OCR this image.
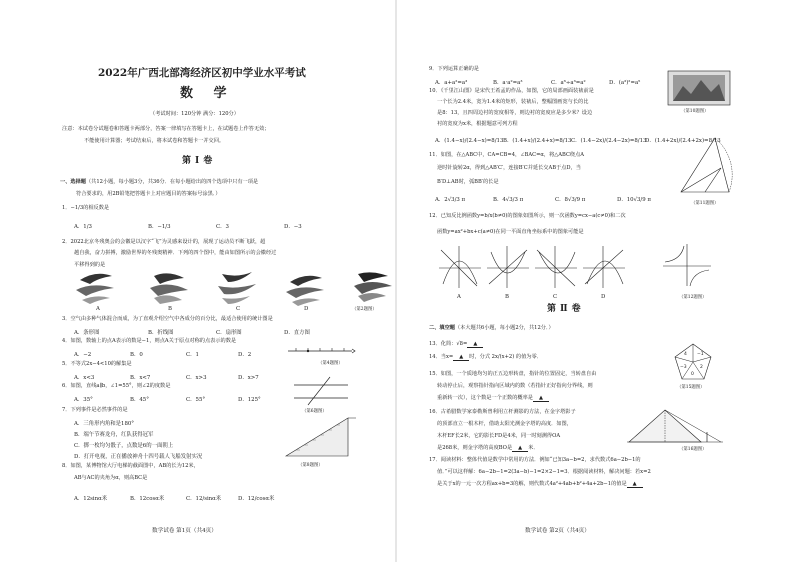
2022年广西北部湾经济区初中学业水平考试
数 学
（考试时间：120分钟 满分：120分）
注意：本试卷分试题卷和答题卡两部分，答案一律填写在答题卡上，在试题卷上作答无效；
不能使用计算器；考试结束后，将本试卷和答题卡一并交回。
第Ⅰ卷
一、选择题（共12小题，每小题3分，共36分．在每小题给出的四个选项中只有一项是
符合要求的，用2B铅笔把答题卡上对应题目的答案标号涂黑．）
1．−1/3的相反数是
A．1/3	B．−1/3	C．3	D．−3
2．2022北京冬残奥会的会徽是以汉字“飞”为灵感来设计的，展现了运动员不断飞跃，超
越自我，奋力拼搏，激励世界的冬残奥精神．下列的四个图中，能由如图所示的会徽经过
平移得到的是
A	B	C	D	（第2题图）
3．空气由多种气体混合而成，为了直观介绍空气中各成分的百分比，最适合使用的统计图是
A．条形图	B．折线图	C．扇形图	D．直方图
4．如图，数轴上的点A表示的数是−1，则点A关于原点对称的点表示的数是
A．−2	B．0	C．1	D．2
（第4题图）
5．不等式2x−4<10的解集是
A．x<3	B．x<7	C．x>3	D．x>7
6．如图，直线a∥b，∠1=55°，则∠2的度数是
A．35°	B．45°	C．55°	D．125°
（第6题图）
7．下列事件是必然事件的是
A．三角形内角和是180°
B．端午节赛龙舟，红队获得冠军
C．掷一枚均匀骰子，点数是6的一面朝上
D．打开电视，正在播放神舟十四号载人飞船发射实况
8．如图，某博物馆大厅电梯的截面图中，AB的长为12米，
AB与AC的夹角为α，则高BC是
A．12sinα米	B．12cosα米	C．12/sinα米	D．12/cosα米
（第8题图）
数学试卷 第1页（共4页）
9．下列运算正确的是
A．a+a²=a³	B．a·a²=a³	C．a⁶÷a³=a²	D．(a³)²=a⁵
10．《千里江山图》是宋代王希孟的作品，如图，它的局部画面装裱前是
一个长为2.4米，宽为1.4米的矩形，装裱后，整幅图画宽与长的比
是8：13，且四周边衬的宽度相等，则边衬的宽度应是多少米？设边
衬的宽度为x米，根据题意可列方程
A．(1.4−x)/(2.4−x)=8/13 B．(1.4+x)/(2.4+x)=8/13 C．(1.4−2x)/(2.4−2x)=8/13
D．(1.4+2x)/(2.4+2x)=8/13
（第10题图）
11．如图，在△ABC中，CA=CB=4，∠BAC=α，将△ABC绕点A
逆时针旋转2α，得到△AB′C′，连接B′C并延长交AB于点D，当
B′D⊥AB时，弧BB′的长是
A．2√3/3 π	B．4√3/3 π	C．8√3/9 π	D．10√3/9 π
（第11题图）
12．已知反比例函数y=b/x(b≠0)的图象如图所示，则一次函数y=cx−a(c≠0)和二次
函数y=ax²+bx+c(a≠0)在同一平面直角坐标系中的图象可能是
A	B	C	D	（第12题图）
第Ⅱ卷
二、填空题（本大题共6小题，每小题2分，共12分．）
13．化简：√8= ▲
14．当x= ▲ 时，分式 2x/(x+2) 的值为零．
15．如图，一个质地均匀的正五边形转盘，指针的位置固定，当转盘自由
转动停止后，观察指针指向区域内的数（若指针正好指向分界线，则
重新转一次），这个数是一个正数的概率是 ▲
−1
2
0
−3
4
（第15题图）
16．古希腊数学家泰勒斯曾利用立杆测影的方法，在金字塔影子
的顶部直立一根木杆，借助太阳光测金字塔的高度．如图，
木杆EF长2米，它的影长FD是4米，同一时刻测得OA
是268米，则金字塔的高度BO是 ▲ 米．	（第16题图）
17．阅读材料：整体代值是数学中常用的方法．例如“已知3a−b=2，求代数式6a−2b−1的
值．”可以这样解：6a−2b−1=2(3a−b)−1=2×2−1=3．根据阅读材料，解决问题：若x=2
是关于x的一元一次方程ax+b=3的解，则代数式4a²+4ab+b²+4a+2b−1的值是 ▲
数学试卷 第2页（共4页）
